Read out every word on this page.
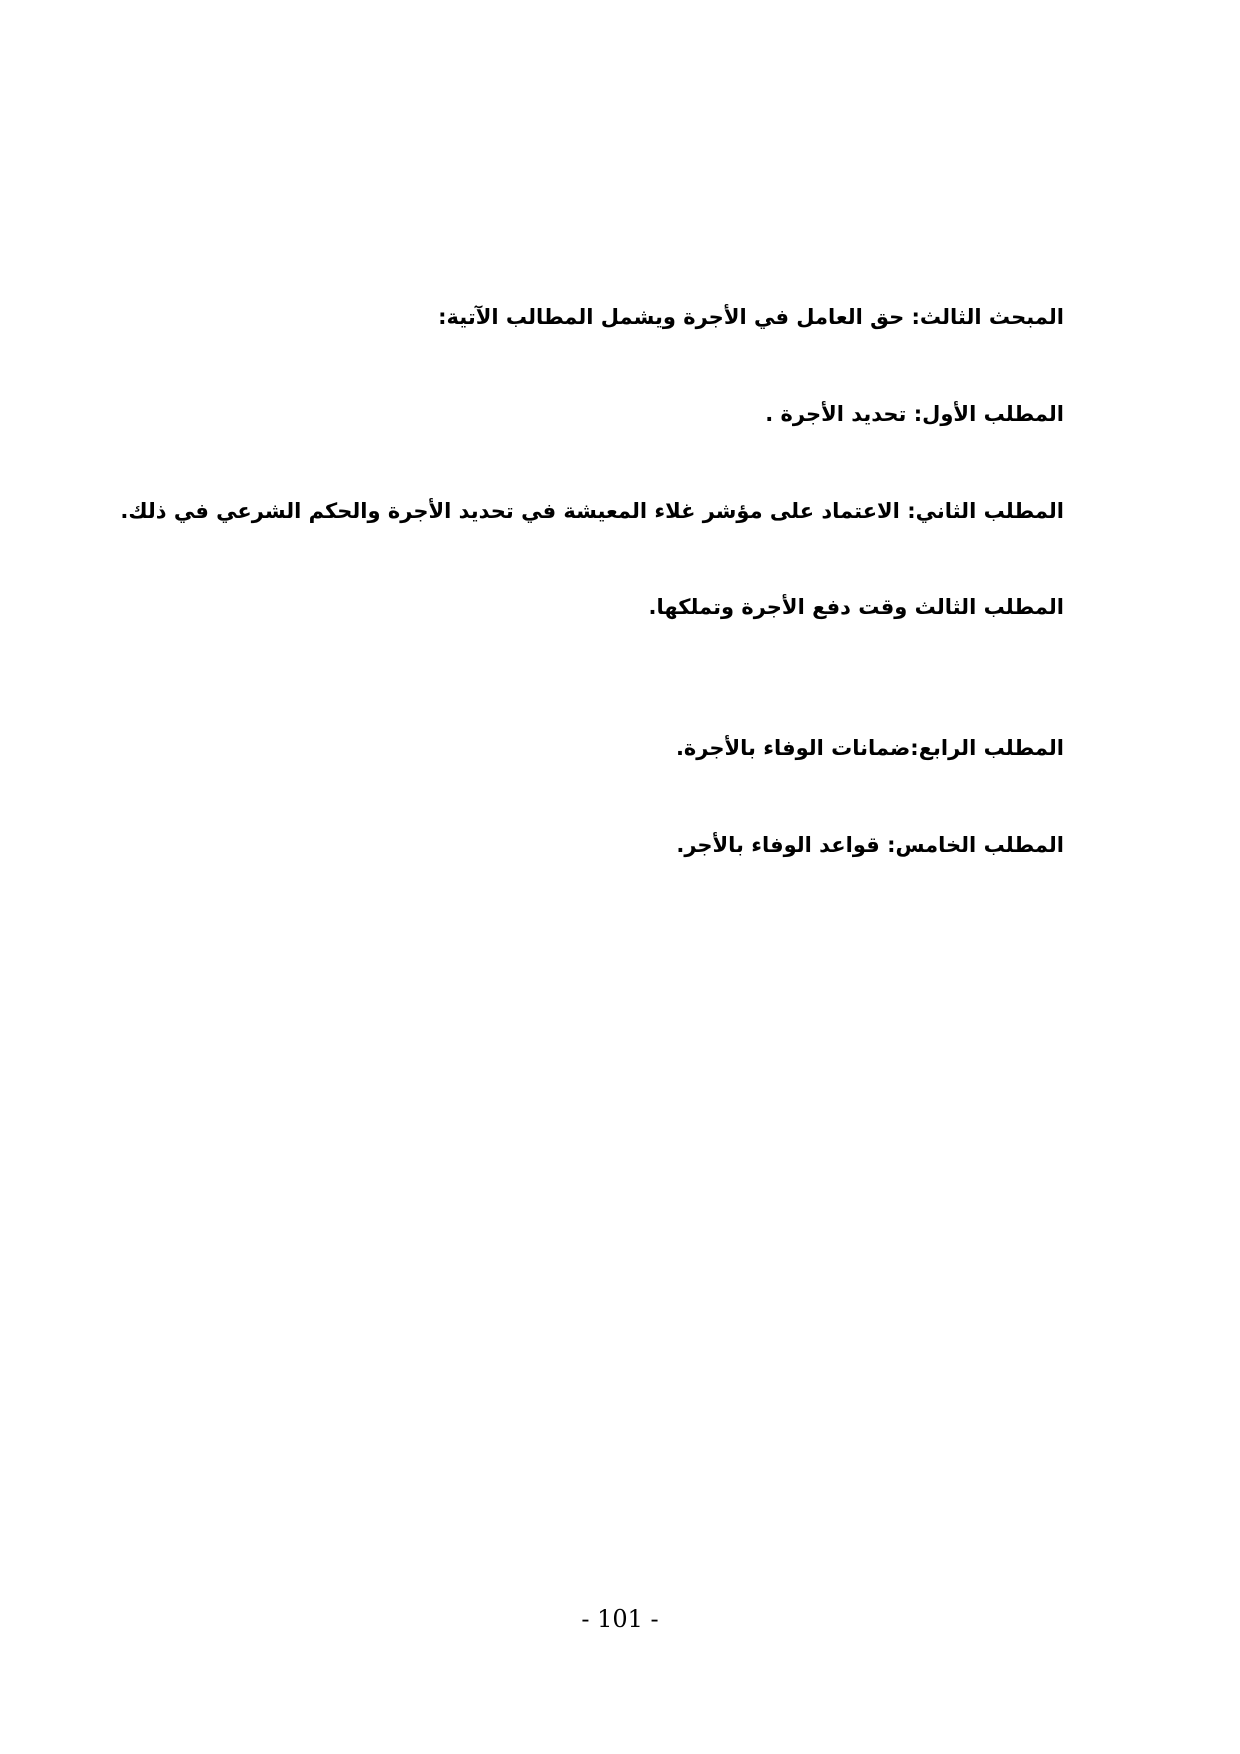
المبحث الثالث: حق العامل في الأجرة ويشمل المطالب الآتية:
المطلب الأول: تحديد الأجرة .
المطلب الثاني: الاعتماد على مؤشر غلاء المعيشة في تحديد الأجرة والحكم الشرعي في ذلك.
المطلب الثالث وقت دفع الأجرة وتملكها.
المطلب الرابع:ضمانات الوفاء بالأجرة.
المطلب الخامس: قواعد الوفاء بالأجر.
- 101 -
